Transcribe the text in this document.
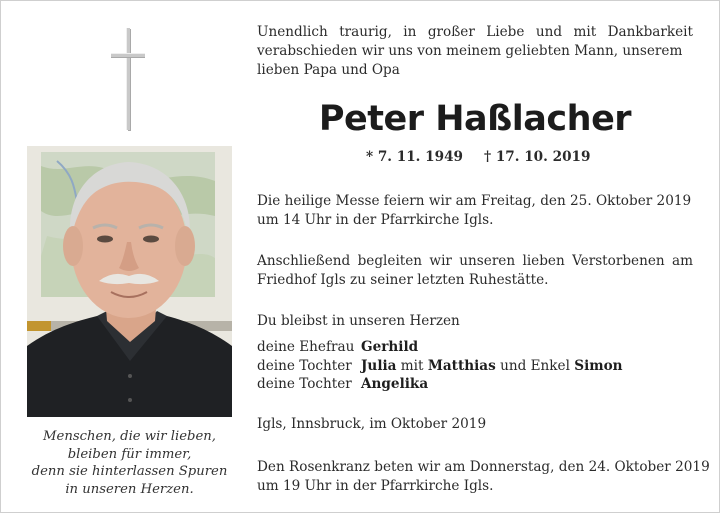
Menschen, die wir lieben,
bleiben für immer,
denn sie hinterlassen Spuren
in unseren Herzen.
Unendlich traurig, in großer Liebe und mit Dankbarkeit
verabschieden wir uns von meinem geliebten Mann, unserem
lieben Papa und Opa
Peter Haßlacher
* 7. 11. 1949 † 17. 10. 2019
Die heilige Messe feiern wir am Freitag, den 25. Oktober 2019
um 14 Uhr in der Pfarrkirche Igls.
Anschließend begleiten wir unseren lieben Verstorbenen am
Friedhof Igls zu seiner letzten Ruhestätte.
Du bleibst in unseren Herzen
deine Ehefrau Gerhild
deine Tochter Julia mit Matthias und Enkel Simon
deine Tochter Angelika
Igls, Innsbruck, im Oktober 2019
Den Rosenkranz beten wir am Donnerstag, den 24. Oktober 2019
um 19 Uhr in der Pfarrkirche Igls.
